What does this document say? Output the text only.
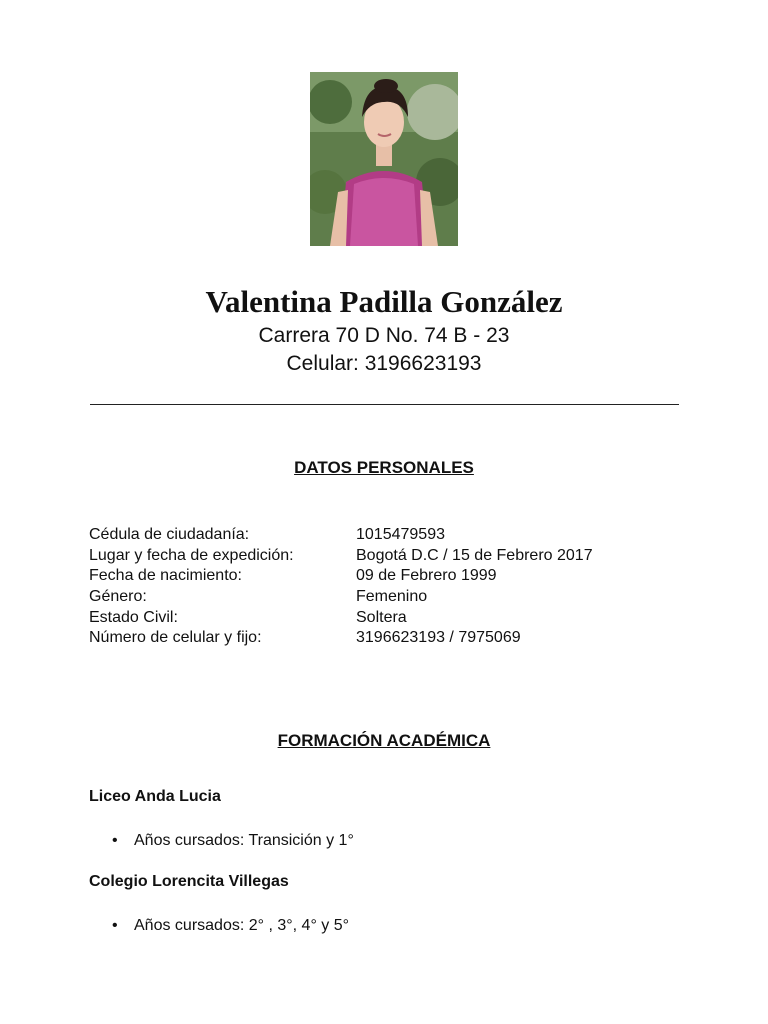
Valentina Padilla González
Carrera 70 D No. 74 B - 23
Celular: 3196623193
DATOS PERSONALES
Cédula de ciudadanía:	1015479593
Lugar y fecha de expedición:	Bogotá D.C / 15 de Febrero 2017
Fecha de nacimiento:	09 de Febrero 1999
Género:	Femenino
Estado Civil:	Soltera
Número de celular y fijo:	3196623193 / 7975069
FORMACIÓN ACADÉMICA
Liceo Anda Lucia
• Años cursados: Transición y 1°
Colegio Lorencita Villegas
• Años cursados: 2° , 3°, 4° y 5°
